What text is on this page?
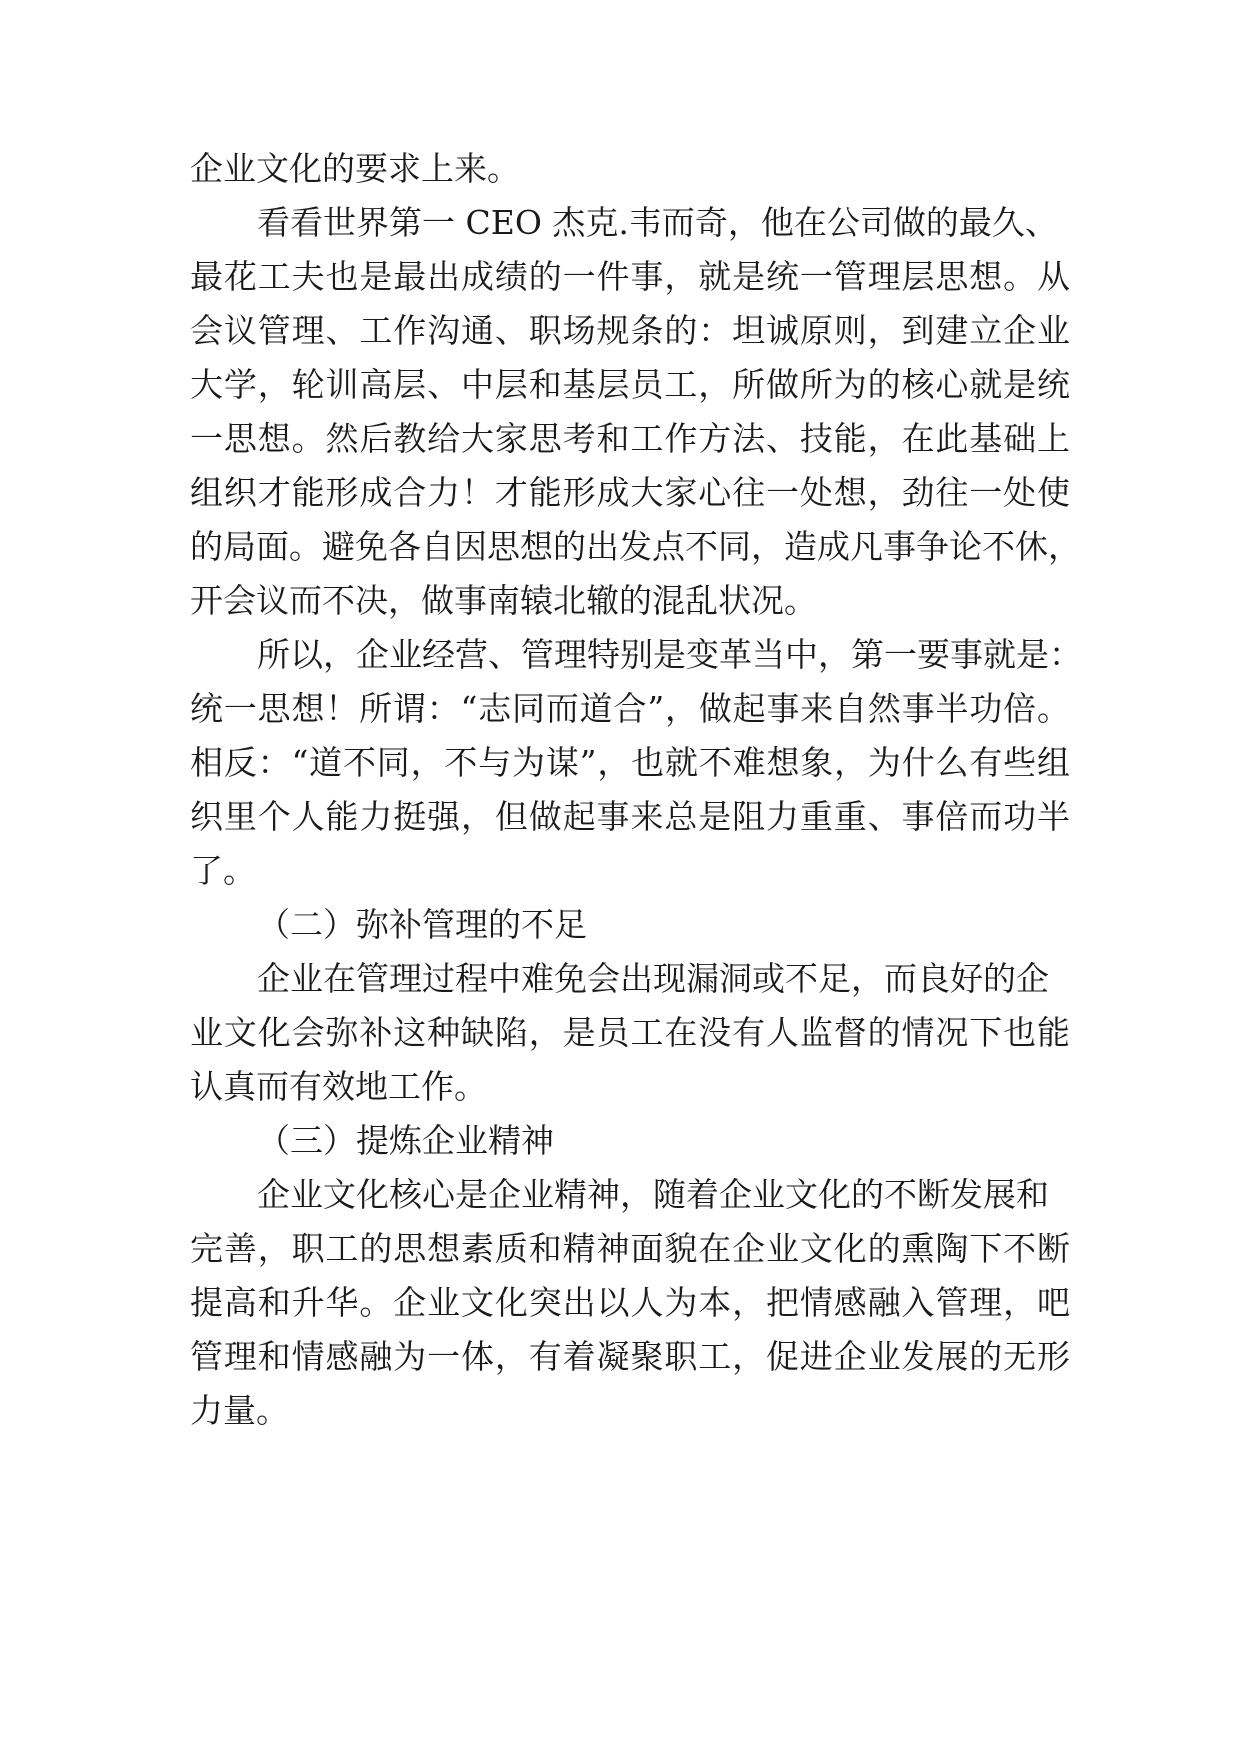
企业文化的要求上来。
看看世界第一 CEO 杰克.韦而奇，他在公司做的最久、
最花工夫也是最出成绩的一件事，就是统一管理层思想。从
会议管理、工作沟通、职场规条的：坦诚原则，到建立企业
大学，轮训高层、中层和基层员工，所做所为的核心就是统
一思想。然后教给大家思考和工作方法、技能，在此基础上
组织才能形成合力！才能形成大家心往一处想，劲往一处使
的局面。避免各自因思想的出发点不同，造成凡事争论不休，
开会议而不决，做事南辕北辙的混乱状况。
所以，企业经营、管理特别是变革当中，第一要事就是：
统一思想！所谓：“志同而道合”，做起事来自然事半功倍。
相反：“道不同，不与为谋”，也就不难想象，为什么有些组
织里个人能力挺强，但做起事来总是阻力重重、事倍而功半
了。
（二）弥补管理的不足
企业在管理过程中难免会出现漏洞或不足，而良好的企
业文化会弥补这种缺陷，是员工在没有人监督的情况下也能
认真而有效地工作。
（三）提炼企业精神
企业文化核心是企业精神，随着企业文化的不断发展和
完善，职工的思想素质和精神面貌在企业文化的熏陶下不断
提高和升华。企业文化突出以人为本，把情感融入管理，吧
管理和情感融为一体，有着凝聚职工，促进企业发展的无形
力量。
